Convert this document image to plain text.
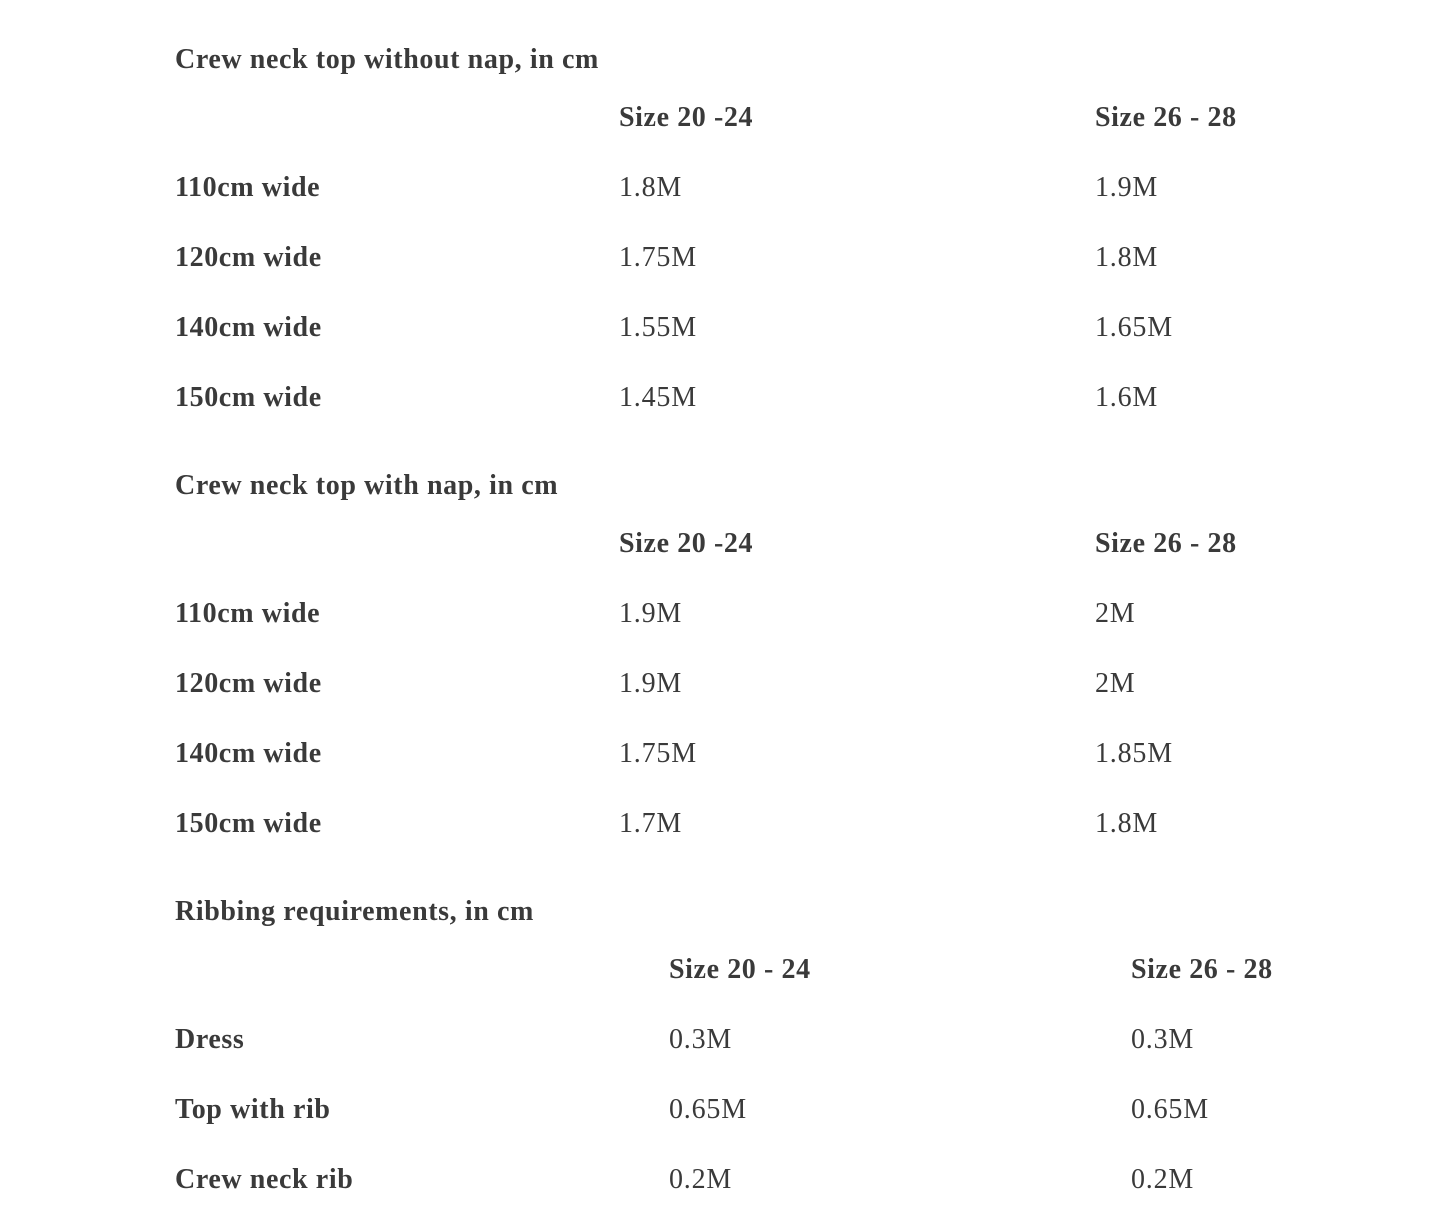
Crew neck top without nap, in cm
Size 20 -24	Size 26 - 28
110cm wide	1.8M	1.9M
120cm wide	1.75M	1.8M
140cm wide	1.55M	1.65M
150cm wide	1.45M	1.6M
Crew neck top with nap, in cm
Size 20 -24	Size 26 - 28
110cm wide	1.9M	2M
120cm wide	1.9M	2M
140cm wide	1.75M	1.85M
150cm wide	1.7M	1.8M
Ribbing requirements, in cm
Size 20 - 24	Size 26 - 28
Dress	0.3M	0.3M
Top with rib	0.65M	0.65M
Crew neck rib	0.2M	0.2M
